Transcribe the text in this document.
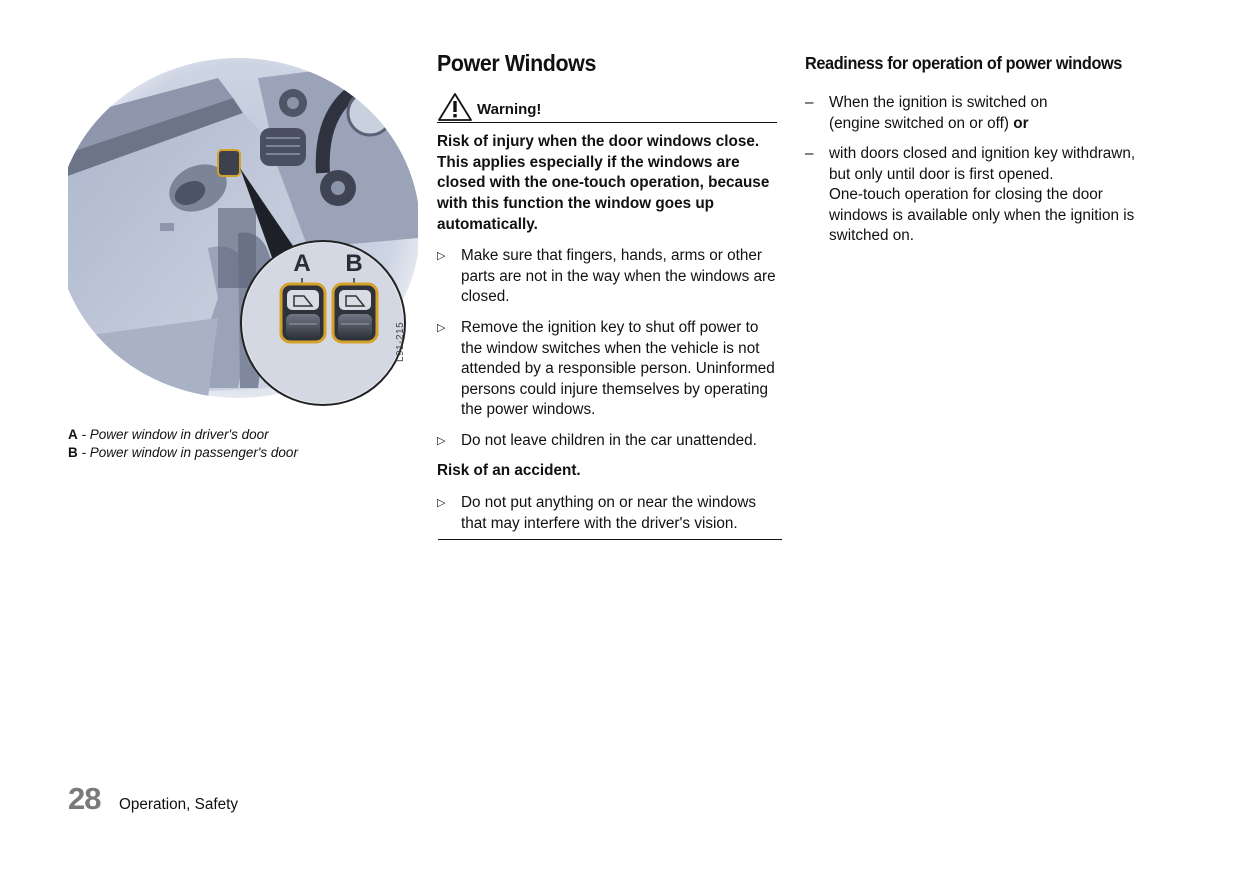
A B
L91-215
A - Power window in driver's door
B - Power window in passenger's door
Power Windows
Warning!

Risk of injury when the door windows close. This applies especially if the windows are closed with the one-touch operation, because with this function the window goes up automatically.

▷ Make sure that fingers, hands, arms or other parts are not in the way when the windows are closed.
▷ Remove the ignition key to shut off power to the window switches when the vehicle is not attended by a responsible person. Uninformed persons could injure themselves by operating the power windows.
▷ Do not leave children in the car unattended.

Risk of an accident.

▷ Do not put anything on or near the windows that may interfere with the driver's vision.
Readiness for operation of power windows
– When the ignition is switched on
(engine switched on or off) or
– with doors closed and ignition key withdrawn, but only until door is first opened.
One-touch operation for closing the door windows is available only when the ignition is switched on.
28 Operation, Safety
